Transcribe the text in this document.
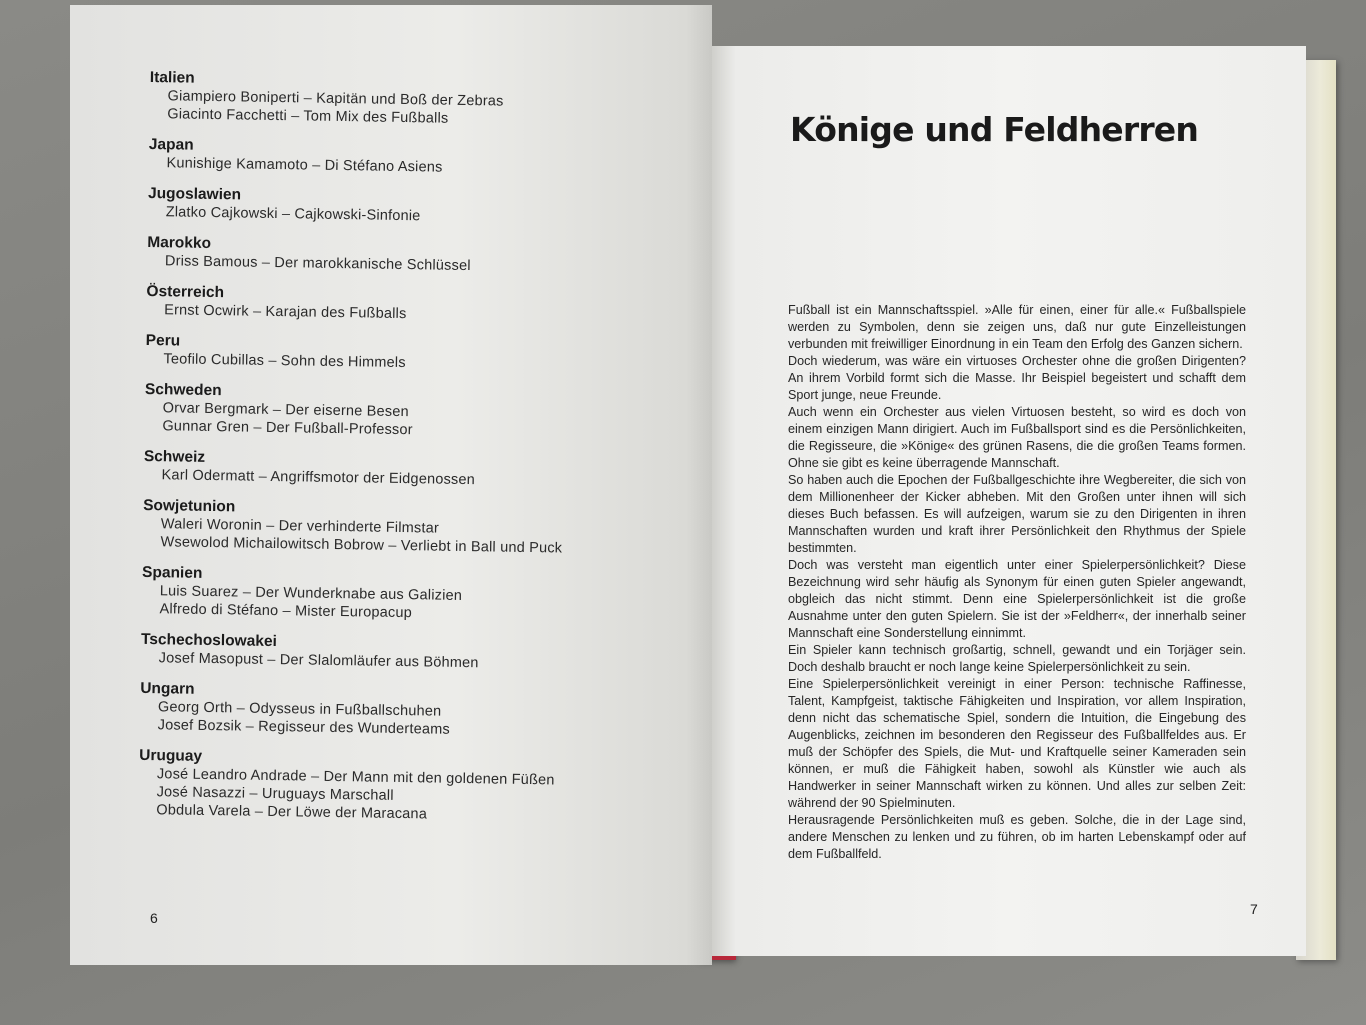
Italien
Giampiero Boniperti – Kapitän und Boß der Zebras
Giacinto Facchetti – Tom Mix des Fußballs
Japan
Kunishige Kamamoto – Di Stéfano Asiens
Jugoslawien
Zlatko Cajkowski – Cajkowski-Sinfonie
Marokko
Driss Bamous – Der marokkanische Schlüssel
Österreich
Ernst Ocwirk – Karajan des Fußballs
Peru
Teofilo Cubillas – Sohn des Himmels
Schweden
Orvar Bergmark – Der eiserne Besen
Gunnar Gren – Der Fußball-Professor
Schweiz
Karl Odermatt – Angriffsmotor der Eidgenossen
Sowjetunion
Waleri Woronin – Der verhinderte Filmstar
Wsewolod Michailowitsch Bobrow – Verliebt in Ball und Puck
Spanien
Luis Suarez – Der Wunderknabe aus Galizien
Alfredo di Stéfano – Mister Europacup
Tschechoslowakei
Josef Masopust – Der Slalomläufer aus Böhmen
Ungarn
Georg Orth – Odysseus in Fußballschuhen
Josef Bozsik – Regisseur des Wunderteams
Uruguay
José Leandro Andrade – Der Mann mit den goldenen Füßen
José Nasazzi – Uruguays Marschall
Obdula Varela – Der Löwe der Maracana
6
Könige und Feldherren

Fußball ist ein Mannschaftsspiel. »Alle für einen, einer für alle.« Fußballspiele werden zu Symbolen, denn sie zeigen uns, daß nur gute Einzelleistungen verbunden mit freiwilliger Einordnung in ein Team den Erfolg des Ganzen sichern.

Doch wiederum, was wäre ein virtuoses Orchester ohne die großen Dirigenten? An ihrem Vorbild formt sich die Masse. Ihr Beispiel begeistert und schafft dem Sport junge, neue Freunde.

Auch wenn ein Orchester aus vielen Virtuosen besteht, so wird es doch von einem einzigen Mann dirigiert. Auch im Fußballsport sind es die Persönlichkeiten, die Regisseure, die »Könige« des grünen Rasens, die die großen Teams formen. Ohne sie gibt es keine überragende Mannschaft.

So haben auch die Epochen der Fußballgeschichte ihre Wegbereiter, die sich von dem Millionenheer der Kicker abheben. Mit den Großen unter ihnen will sich dieses Buch befassen. Es will aufzeigen, warum sie zu den Dirigenten in ihren Mannschaften wurden und kraft ihrer Persönlichkeit den Rhythmus der Spiele bestimmten.

Doch was versteht man eigentlich unter einer Spielerpersönlichkeit? Diese Bezeichnung wird sehr häufig als Synonym für einen guten Spieler angewandt, obgleich das nicht stimmt. Denn eine Spielerpersönlichkeit ist die große Ausnahme unter den guten Spielern. Sie ist der »Feldherr«, der innerhalb seiner Mannschaft eine Sonderstellung einnimmt.

Ein Spieler kann technisch großartig, schnell, gewandt und ein Torjäger sein. Doch deshalb braucht er noch lange keine Spielerpersönlichkeit zu sein.

Eine Spielerpersönlichkeit vereinigt in einer Person: technische Raffinesse, Talent, Kampfgeist, taktische Fähigkeiten und Inspiration, vor allem Inspiration, denn nicht das schematische Spiel, sondern die Intuition, die Eingebung des Augenblicks, zeichnen im besonderen den Regisseur des Fußballfeldes aus. Er muß der Schöpfer des Spiels, die Mut- und Kraftquelle seiner Kameraden sein können, er muß die Fähigkeit haben, sowohl als Künstler wie auch als Handwerker in seiner Mannschaft wirken zu können. Und alles zur selben Zeit: während der 90 Spielminuten.

Herausragende Persönlichkeiten muß es geben. Solche, die in der Lage sind, andere Menschen zu lenken und zu führen, ob im harten Lebenskampf oder auf dem Fußballfeld.

7
